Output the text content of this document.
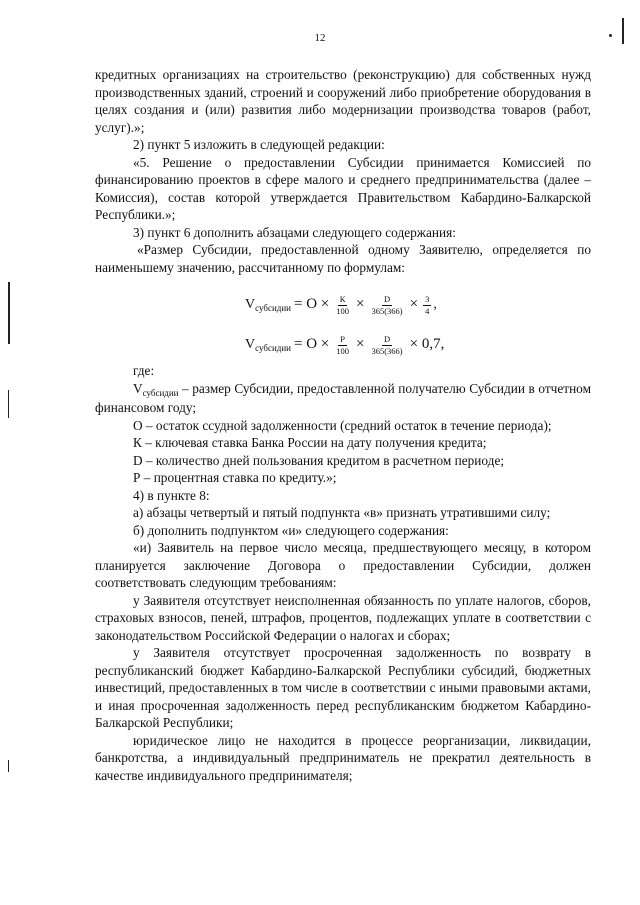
12

кредитных организациях на строительство (реконструкцию) для собственных нужд производственных зданий, строений и сооружений либо приобретение оборудования в целях создания и (или) развития либо модернизации производства товаров (работ, услуг).»;

2) пункт 5 изложить в следующей редакции:

«5. Решение о предоставлении Субсидии принимается Комиссией по финансированию проектов в сфере малого и среднего предпринимательства (далее – Комиссия), состав которой утверждается Правительством Кабардино-Балкарской Республики.»;

3) пункт 6 дополнить абзацами следующего содержания:

«Размер Субсидии, предоставленной одному Заявителю, определяется по наименьшему значению, рассчитанному по формулам:

V субсидии = $O \times \frac{К}{100} \times \frac{D}{365(366)} \times \frac{3}{4}$ ,
V субсидии = $O \times \frac{P}{100} \times \frac{D}{365(366)} \times 0,7$,

где:

$V_{субсидии}$ – размер Субсидии, предоставленной получателю Субсидии в отчетном финансовом году;

О – остаток ссудной задолженности (средний остаток в течение периода);

К – ключевая ставка Банка России на дату получения кредита;

D – количество дней пользования кредитом в расчетном периоде;

Р – процентная ставка по кредиту.»;

4) в пункте 8:

а) абзацы четвертый и пятый подпункта «в» признать утратившими силу;

б) дополнить подпунктом «и» следующего содержания:

«и) Заявитель на первое число месяца, предшествующего месяцу, в котором планируется заключение Договора о предоставлении Субсидии, должен соответствовать следующим требованиям:

у Заявителя отсутствует неисполненная обязанность по уплате налогов, сборов, страховых взносов, пеней, штрафов, процентов, подлежащих уплате в соответствии с законодательством Российской Федерации о налогах и сборах;

у Заявителя отсутствует просроченная задолженность по возврату в республиканский бюджет Кабардино-Балкарской Республики субсидий, бюджетных инвестиций, предоставленных в том числе в соответствии с иными правовыми актами, и иная просроченная задолженность перед республиканским бюджетом Кабардино-Балкарской Республики;

юридическое лицо не находится в процессе реорганизации, ликвидации, банкротства, а индивидуальный предприниматель не прекратил деятельность в качестве индивидуального предпринимателя;
